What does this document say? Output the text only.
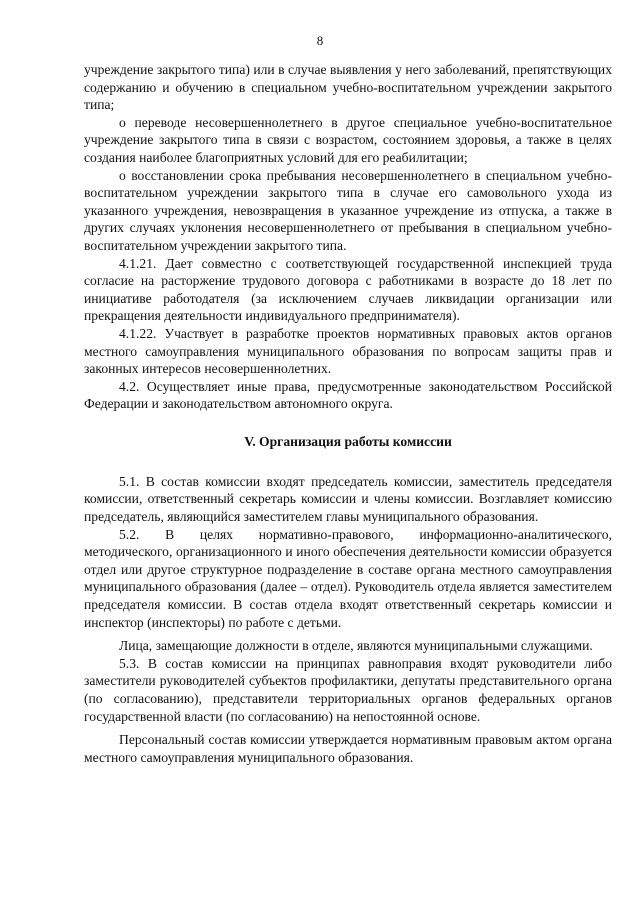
8

учреждение закрытого типа) или в случае выявления у него заболеваний, препятствующих содержанию и обучению в специальном учебно-воспитательном учреждении закрытого типа;

о переводе несовершеннолетнего в другое специальное учебно-воспитательное учреждение закрытого типа в связи с возрастом, состоянием здоровья, а также в целях создания наиболее благоприятных условий для его реабилитации;

о восстановлении срока пребывания несовершеннолетнего в специальном учебно-воспитательном учреждении закрытого типа в случае его самовольного ухода из указанного учреждения, невозвращения в указанное учреждение из отпуска, а также в других случаях уклонения несовершеннолетнего от пребывания в специальном учебно-воспитательном учреждении закрытого типа.

4.1.21. Дает совместно с соответствующей государственной инспекцией труда согласие на расторжение трудового договора с работниками в возрасте до 18 лет по инициативе работодателя (за исключением случаев ликвидации организации или прекращения деятельности индивидуального предпринимателя).

4.1.22. Участвует в разработке проектов нормативных правовых актов органов местного самоуправления муниципального образования по вопросам защиты прав и законных интересов несовершеннолетних.

4.2. Осуществляет иные права, предусмотренные законодательством Российской Федерации и законодательством автономного округа.

V. Организация работы комиссии

5.1. В состав комиссии входят председатель комиссии, заместитель председателя комиссии, ответственный секретарь комиссии и члены комиссии. Возглавляет комиссию председатель, являющийся заместителем главы муниципального образования.

5.2. В целях нормативно-правового, информационно-аналитического, методического, организационного и иного обеспечения деятельности комиссии образуется отдел или другое структурное подразделение в составе органа местного самоуправления муниципального образования (далее – отдел). Руководитель отдела является заместителем председателя комиссии. В состав отдела входят ответственный секретарь комиссии и инспектор (инспекторы) по работе с детьми.

Лица, замещающие должности в отделе, являются муниципальными служащими.

5.3. В состав комиссии на принципах равноправия входят руководители либо заместители руководителей субъектов профилактики, депутаты представительного органа (по согласованию), представители территориальных органов федеральных органов государственной власти (по согласованию) на непостоянной основе.

Персональный состав комиссии утверждается нормативным правовым актом органа местного самоуправления муниципального образования.
